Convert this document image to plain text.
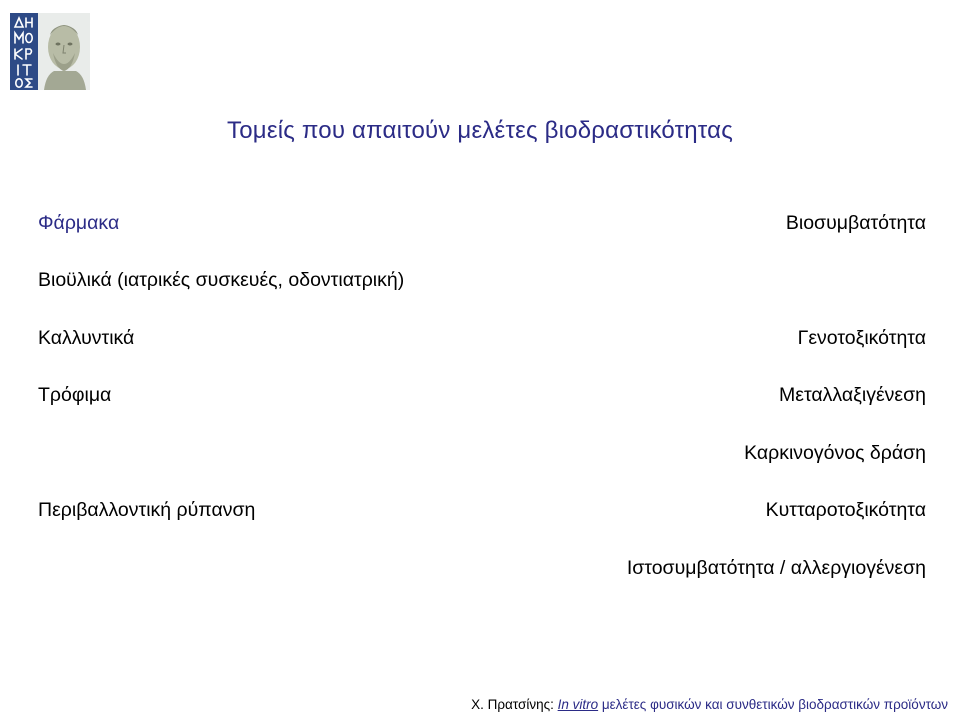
Τομείς που απαιτούν μελέτες βιοδραστικότητας
Φάρμακα
Βιοϋλικά (ιατρικές συσκευές, οδοντιατρική)
Καλλυντικά
Τρόφιμα
Περιβαλλοντική ρύπανση
Βιοσυμβατότητα
Γενοτοξικότητα
Μεταλλαξιγένεση
Καρκινογόνος δράση
Κυτταροτοξικότητα
Ιστοσυμβατότητα / αλλεργιογένεση
Χ. Πρατσίνης: In vitro μελέτες φυσικών και συνθετικών βιοδραστικών προϊόντων
